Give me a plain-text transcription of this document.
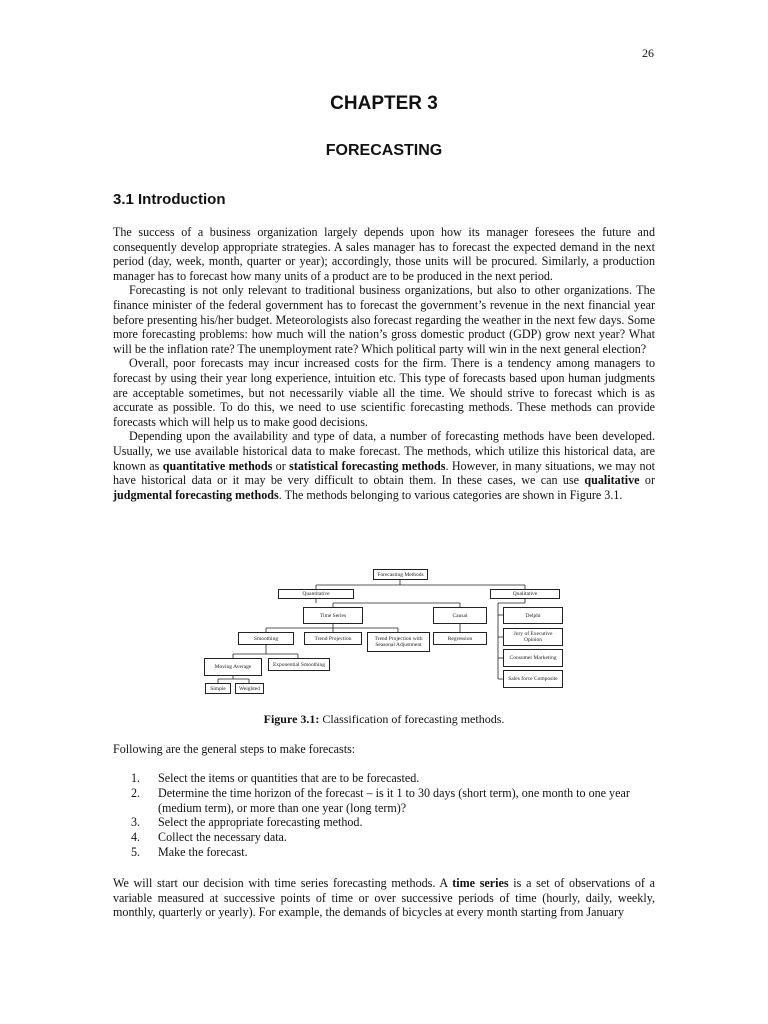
26
CHAPTER 3
FORECASTING
3.1 Introduction

The success of a business organization largely depends upon how its manager foresees the future and consequently develop appropriate strategies. A sales manager has to forecast the expected demand in the next period (day, week, month, quarter or year); accordingly, those units will be procured. Similarly, a production manager has to forecast how many units of a product are to be produced in the next period.

Forecasting is not only relevant to traditional business organizations, but also to other organizations. The finance minister of the federal government has to forecast the government’s revenue in the next financial year before presenting his/her budget. Meteorologists also forecast regarding the weather in the next few days. Some more forecasting problems: how much will the nation’s gross domestic product (GDP) grow next year? What will be the inflation rate? The unemployment rate? Which political party will win in the next general election?

Overall, poor forecasts may incur increased costs for the firm. There is a tendency among managers to forecast by using their year long experience, intuition etc. This type of forecasts based upon human judgments are acceptable sometimes, but not necessarily viable all the time. We should strive to forecast which is as accurate as possible. To do this, we need to use scientific forecasting methods. These methods can provide forecasts which will help us to make good decisions.

Depending upon the availability and type of data, a number of forecasting methods have been developed. Usually, we use available historical data to make forecast. The methods, which utilize this historical data, are known as quantitative methods or statistical forecasting methods. However, in many situations, we may not have historical data or it may be very difficult to obtain them. In these cases, we can use qualitative or judgmental forecasting methods. The methods belonging to various categories are shown in Figure 3.1.

Forecasting Methods
Quantitative	Qualitative
Time Series	Causal
Smoothing	Trend Projection	Trend Projection with Seasonal Adjustment
Regression
Moving Average	Exponential Smoothing
Simple	Weighted
Delphi
Jury of Executive Opinion
Consumer Marketing
Sales force Composite
Figure 3.1: Classification of forecasting methods.
Following are the general steps to make forecasts:
1. Select the items or quantities that are to be forecasted.
2. Determine the time horizon of the forecast – is it 1 to 30 days (short term), one month to one year (medium term), or more than one year (long term)?
3. Select the appropriate forecasting method.
4. Collect the necessary data.
5. Make the forecast.

We will start our decision with time series forecasting methods. A time series is a set of observations of a variable measured at successive points of time or over successive periods of time (hourly, daily, weekly, monthly, quarterly or yearly). For example, the demands of bicycles at every month starting from January
